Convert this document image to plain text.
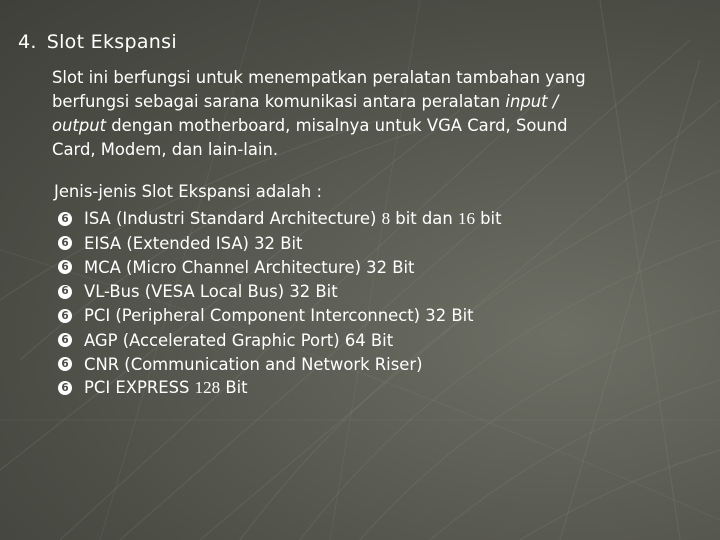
4. Slot Ekspansi
Slot ini berfungsi untuk menempatkan peralatan tambahan yang
berfungsi sebagai sarana komunikasi antara peralatan input /
output dengan motherboard, misalnya untuk VGA Card, Sound
Card, Modem, dan lain-lain.
Jenis-jenis Slot Ekspansi adalah :
6 ISA (Industri Standard Architecture) 8 bit dan 16 bit
6 EISA (Extended ISA) 32 Bit
6 MCA (Micro Channel Architecture) 32 Bit
6 VL-Bus (VESA Local Bus) 32 Bit
6 PCI (Peripheral Component Interconnect) 32 Bit
6 AGP (Accelerated Graphic Port) 64 Bit
6 CNR (Communication and Network Riser)
6 PCI EXPRESS 128 Bit
